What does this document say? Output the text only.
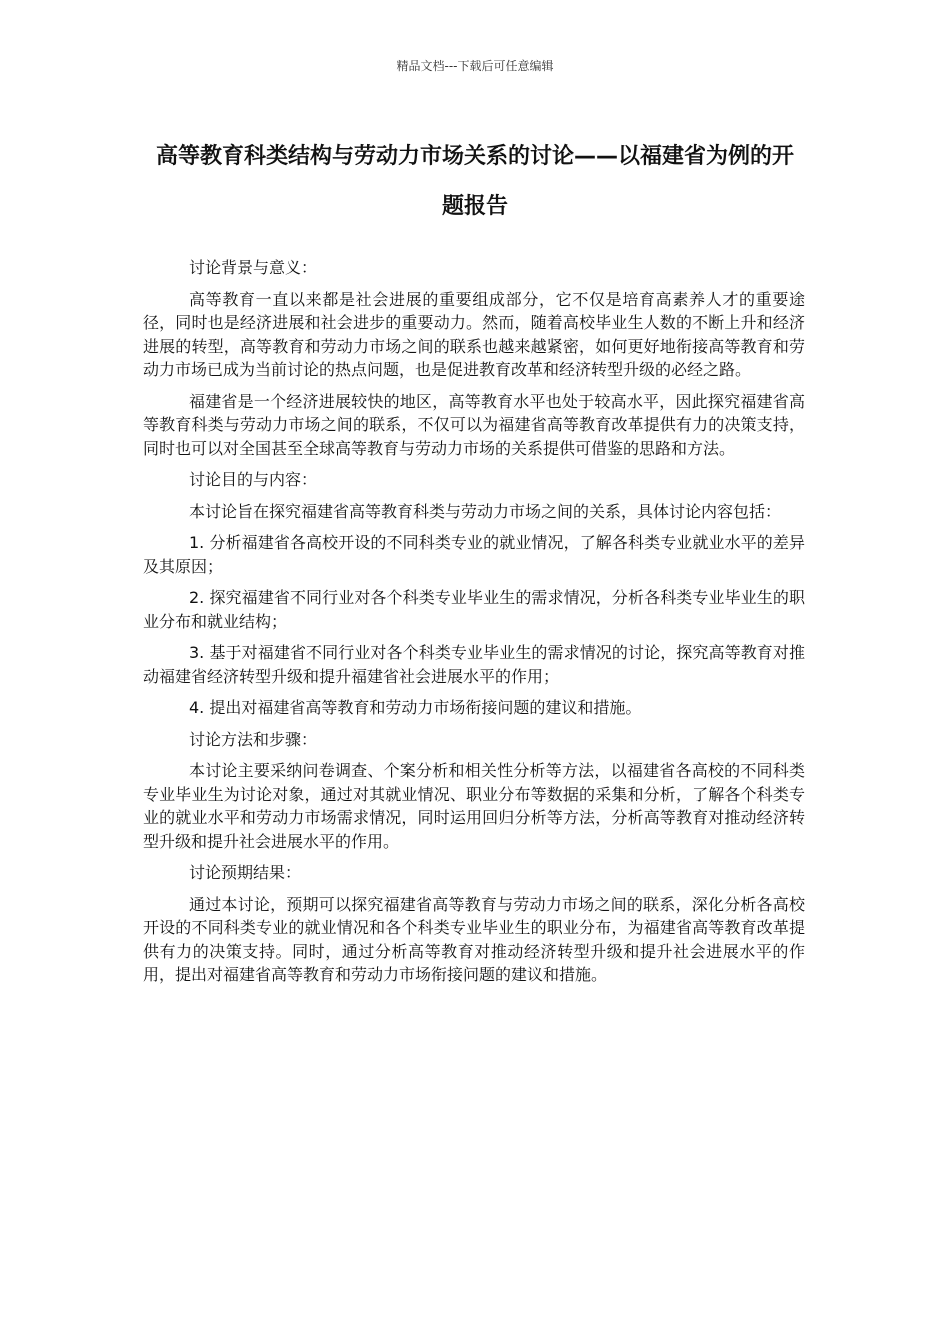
精品文档---下载后可任意编辑
高等教育科类结构与劳动力市场关系的讨论——以福建省为例的开题报告

讨论背景与意义：

高等教育一直以来都是社会进展的重要组成部分，它不仅是培育高素养人才的重要途径，同时也是经济进展和社会进步的重要动力。然而，随着高校毕业生人数的不断上升和经济进展的转型，高等教育和劳动力市场之间的联系也越来越紧密，如何更好地衔接高等教育和劳动力市场已成为当前讨论的热点问题，也是促进教育改革和经济转型升级的必经之路。

福建省是一个经济进展较快的地区，高等教育水平也处于较高水平，因此探究福建省高等教育科类与劳动力市场之间的联系，不仅可以为福建省高等教育改革提供有力的决策支持，同时也可以对全国甚至全球高等教育与劳动力市场的关系提供可借鉴的思路和方法。

讨论目的与内容：

本讨论旨在探究福建省高等教育科类与劳动力市场之间的关系，具体讨论内容包括：

1. 分析福建省各高校开设的不同科类专业的就业情况，了解各科类专业就业水平的差异及其原因；

2. 探究福建省不同行业对各个科类专业毕业生的需求情况，分析各科类专业毕业生的职业分布和就业结构；

3. 基于对福建省不同行业对各个科类专业毕业生的需求情况的讨论，探究高等教育对推动福建省经济转型升级和提升福建省社会进展水平的作用；

4. 提出对福建省高等教育和劳动力市场衔接问题的建议和措施。

讨论方法和步骤：

本讨论主要采纳问卷调查、个案分析和相关性分析等方法，以福建省各高校的不同科类专业毕业生为讨论对象，通过对其就业情况、职业分布等数据的采集和分析，了解各个科类专业的就业水平和劳动力市场需求情况，同时运用回归分析等方法，分析高等教育对推动经济转型升级和提升社会进展水平的作用。

讨论预期结果：

通过本讨论，预期可以探究福建省高等教育与劳动力市场之间的联系，深化分析各高校开设的不同科类专业的就业情况和各个科类专业毕业生的职业分布，为福建省高等教育改革提供有力的决策支持。同时，通过分析高等教育对推动经济转型升级和提升社会进展水平的作用，提出对福建省高等教育和劳动力市场衔接问题的建议和措施。
